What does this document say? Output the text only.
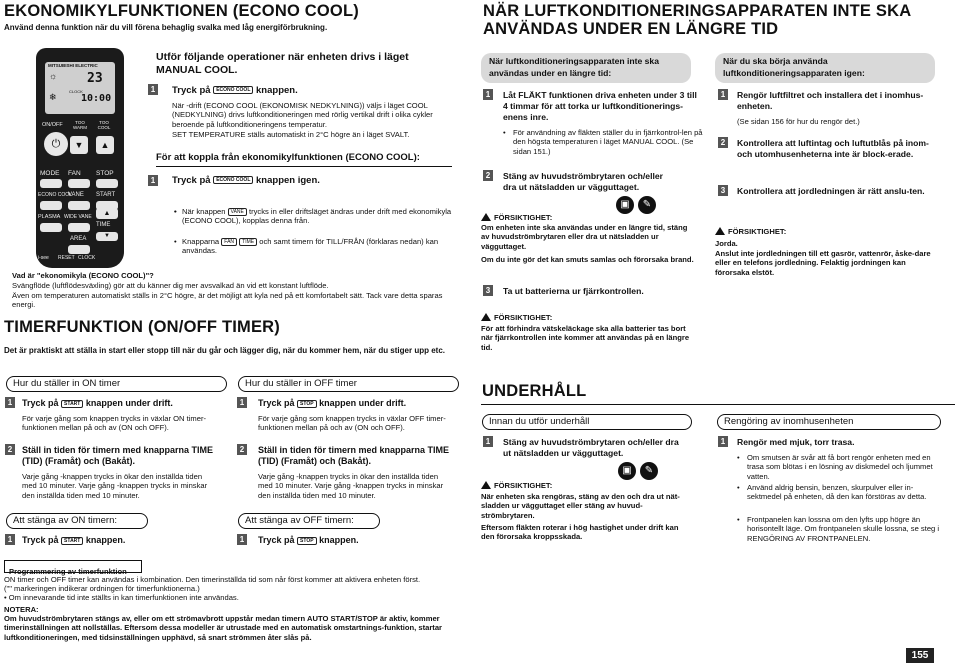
EKONOMIKYLFUNKTIONEN (ECONO COOL)
Använd denna funktion när du vill förena behaglig svalka med låg energiförbrukning.
MITSUBISHI ELECTRIC
23
CLOCK
10:00
☼
❄
ON/OFF
⏻
TOO WARM
TOO COOL
▼	▲
MODE FAN STOP
ECONO COOL
VANE START
PLASMA WIDE VANE
TIME
▲
▼
AREA
i-see RESET CLOCK
Utför följande operationer när enheten drivs i läget MANUAL COOL.
1 Tryck på ECONO COOL knappen.
När -drift (ECONO COOL (EKONOMISK NEDKYLNING)) väljs i läget COOL (NEDKYLNING) drivs luftkonditioneringen med rörlig vertikal drift i olika cykler beroende på luftkonditioneringens temperatur.
SET TEMPERATURE ställs automatiskt in 2°C högre än i läget SVALT.
För att koppla från ekonomikylfunktionen (ECONO COOL):
1 Tryck på ECONO COOL knappen igen.
När knappen VANE trycks in eller driftsläget ändras under drift med ekonomikyla (ECONO COOL), kopplas denna från.
Knapparna FAN TIME och samt timern för TILL/FRÅN (förklaras nedan) kan användas.
•
•
Vad är "ekonomikyla (ECONO COOL)"?
Svängflöde (luftflödesväxling) gör att du känner dig mer avsvalkad än vid ett konstant luftflöde.
Även om temperaturen automatiskt ställs in 2°C högre, är det möjligt att kyla ned på ett komfortabelt sätt. Tack vare detta sparas energi.
TIMERFUNKTION (ON/OFF TIMER)
Det är praktiskt att ställa in start eller stopp till när du går och lägger dig, när du kommer hem, när du stiger upp etc.
Hur du ställer in ON timer
1	Tryck på START knappen under drift.
För varje gång som knappen trycks in växlar ON timer-funktionen mellan på och av (ON och OFF).
2	Ställ in tiden för timern med knapparna TIME (TID) (Framåt) och (Bakåt).
Varje gång -knappen trycks in ökar den inställda tiden med 10 minuter. Varje gång -knappen trycks in minskar den inställda tiden med 10 minuter.
Att stänga av ON timern:
1	Tryck på START knappen.
Hur du ställer in OFF timer
1	Tryck på STOP knappen under drift.
För varje gång som knappen trycks in växlar OFF timer-funktionen mellan på och av (ON och OFF).
2	Ställ in tiden för timern med knapparna TIME (TID) (Framåt) och (Bakåt).
Varje gång -knappen trycks in ökar den inställda tiden med 10 minuter. Varje gång -knappen trycks in minskar den inställda tiden med 10 minuter.
Att stänga av OFF timern:
1	Tryck på STOP knappen.
Programmering av timerfunktion
ON timer och OFF timer kan användas i kombination. Den timerinställda tid som når först kommer att aktivera enheten först.
("" markeringen indikerar ordningen för timerfunktionerna.)
• Om innevarande tid inte ställts in kan timerfunktionen inte användas.
NOTERA:
Om huvudströmbrytaren stängs av, eller om ett strömavbrott uppstår medan timern AUTO START/STOP är aktiv, kommer timerinställningen att nollställas. Eftersom dessa modeller är utrustade med en automatisk omstartnings-funktion, startar luftkonditioneringen, med tidsinställningen upphävd, så snart strömmen åter slås på.
NÄR LUFTKONDITIONERINGSAPPARATEN INTE SKA ANVÄNDAS UNDER EN LÄNGRE TID
När luftkonditioneringsapparaten inte ska användas under en längre tid:
1	Låt FLÄKT funktionen driva enheten under 3 till 4 timmar för att torka ur luftkonditionerings-enens inre.
• För användning av fläkten ställer du in fjärrkontrol-len på den högsta temperaturen i läget MANUAL COOL. (Se sidan 151.)
2	Stäng av huvudströmbrytaren och/eller dra ut nätsladden ur vägguttaget.
▣ ✎
FÖRSIKTIGHET:
Om enheten inte ska användas under en längre tid, stäng av huvudströmbrytaren eller dra ut nätsladden ur vägguttaget.
Om du inte gör det kan smuts samlas och förorsaka brand.
3	Ta ut batterierna ur fjärrkontrollen.
FÖRSIKTIGHET:
För att förhindra vätskeläckage ska alla batterier tas bort när fjärrkontrollen inte kommer att användas på en längre tid.
När du ska börja använda luftkonditioneringsapparaten igen:
1	Rengör luftfiltret och installera det i inomhus-enheten.
(Se sidan 156 för hur du rengör det.)
2	Kontrollera att luftintag och luftutblås på inom- och utomhusenheterna inte är block-erade.
3	Kontrollera att jordledningen är rätt anslu-ten.
FÖRSIKTIGHET:
Jorda.
Anslut inte jordledningen till ett gasrör, vattenrör, åske-dare eller en telefons jordledning. Felaktig jordningen kan förorsaka elstöt.
UNDERHÅLL
Innan du utför underhåll
1	Stäng av huvudströmbrytaren och/eller dra ut nätsladden ur vägguttaget.
▣ ✎
FÖRSIKTIGHET:
När enheten ska rengöras, stäng av den och dra ut nät-sladden ur vägguttaget eller stäng av huvud-strömbrytaren.
Eftersom fläkten roterar i hög hastighet under drift kan den förorsaka kroppsskada.
Rengöring av inomhusenheten
1	Rengör med mjuk, torr trasa.
• Om smutsen är svår att få bort rengör enheten med en trasa som blötas i en lösning av diskmedel och ljummet vatten.
• Använd aldrig bensin, benzen, skurpulver eller in-sektmedel på enheten, då den kan förstöras av detta.
• Frontpanelen kan lossna om den lyfts upp högre än horisontellt läge. Om frontpanelen skulle lossna, se steg i RENGÖRING AV FRONTPANELEN.
155
